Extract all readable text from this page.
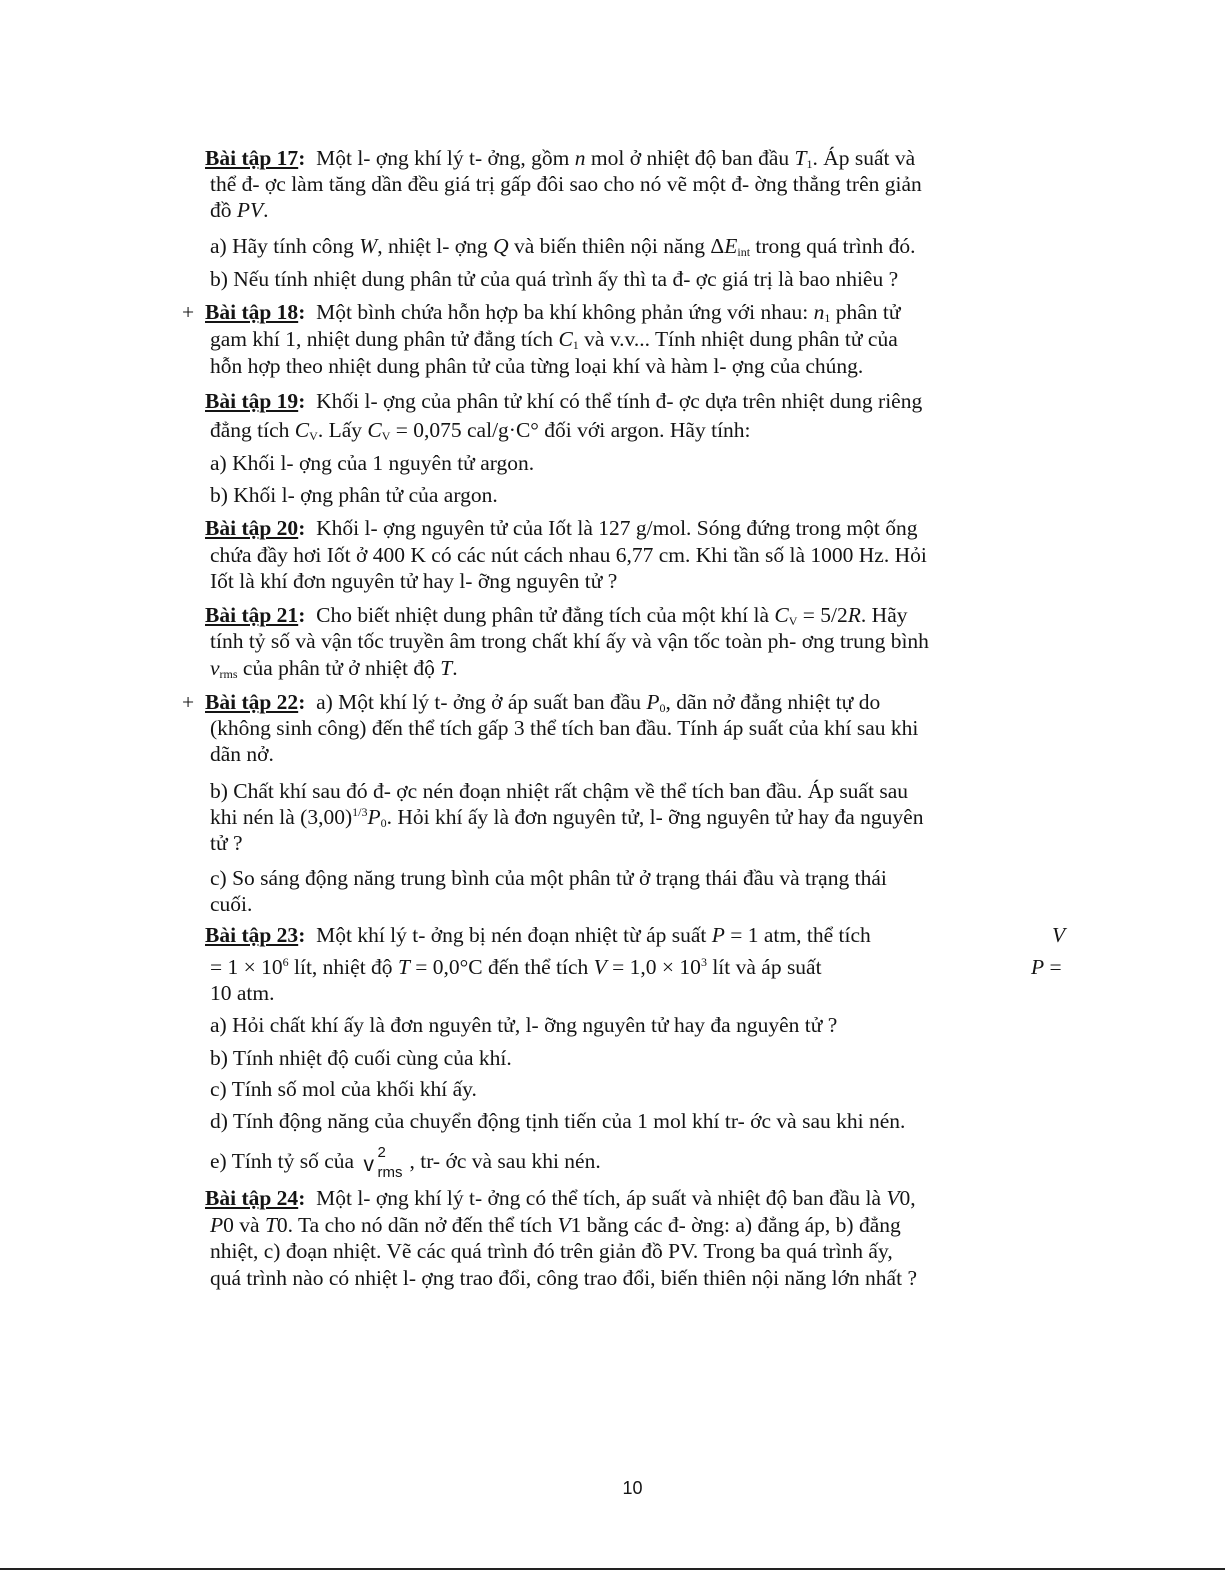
Bài tập 17:  Một l- ợng khí lý t- ởng, gồm n mol ở nhiệt độ ban đầu $T_1$. Áp suất và
thể đ- ợc làm tăng dần đều giá trị gấp đôi sao cho nó vẽ một đ- ờng thẳng trên giản
đồ PV.
a) Hãy tính công W, nhiệt l- ợng Q và biến thiên nội năng $\Delta E_{int}$ trong quá trình đó.
b) Nếu tính nhiệt dung phân tử của quá trình ấy thì ta đ- ợc giá trị là bao nhiêu ?
+ Bài tập 18:  Một bình chứa hỗn hợp ba khí không phản ứng với nhau: $n_1$ phân tử
gam khí 1, nhiệt dung phân tử đẳng tích $C_1$ và v.v... Tính nhiệt dung phân tử của
hỗn hợp theo nhiệt dung phân tử của từng loại khí và hàm l- ợng của chúng.
Bài tập 19: Khối l- ợng của phân tử khí có thể tính đ- ợc dựa trên nhiệt dung riêng
đẳng tích $C_V$. Lấy $C_V = 0,075$ cal/g·C° đối với argon. Hãy tính:
a) Khối l- ợng của 1 nguyên tử argon.
b) Khối l- ợng phân tử của argon.
Bài tập 20: Khối l- ợng nguyên tử của Iốt là 127 g/mol. Sóng đứng trong một ống
chứa đầy hơi Iốt ở 400 K có các nút cách nhau 6,77 cm. Khi tần số là 1000 Hz. Hỏi
Iốt là khí đơn nguyên tử hay l- ỡng nguyên tử ?
Bài tập 21:  Cho biết nhiệt dung phân tử đẳng tích của một khí là $C_V = 5/2R$. Hãy
tính tỷ số và vận tốc truyền âm trong chất khí ấy và vận tốc toàn ph- ơng trung bình
$v_{rms}$ của phân tử ở nhiệt độ T.
+ Bài tập 22:  a) Một khí lý t- ởng ở áp suất ban đầu $P_0$, dãn nở đẳng nhiệt tự do
(không sinh công) đến thể tích gấp 3 thể tích ban đầu. Tính áp suất của khí sau khi
dãn nở.
b) Chất khí sau đó đ- ợc nén đoạn nhiệt rất chậm về thể tích ban đầu. Áp suất sau
khi nén là $(3,00)^{1/3}P_0$. Hỏi khí ấy là đơn nguyên tử, l- ỡng nguyên tử hay đa nguyên
tử ?
c) So sáng động năng trung bình của một phân tử ở trạng thái đầu và trạng thái
cuối.
Bài tập 23:  Một khí lý t- ởng bị nén đoạn nhiệt từ áp suất P = 1 atm, thể tích	V
= $1 \times 10^6$ lít, nhiệt độ T = 0,0°C đến thể tích $V = 1,0 \times 10^3$ lít và áp suất	P =
10 atm.
a) Hỏi chất khí ấy là đơn nguyên tử, l- ỡng nguyên tử hay đa nguyên tử ?
b) Tính nhiệt độ cuối cùng của khí.
c) Tính số mol của khối khí ấy.
d) Tính động năng của chuyển động tịnh tiến của 1 mol khí tr- ớc và sau khi nén.
e) Tính tỷ số của v
2
rms , tr- ớc và sau khi nén.
Bài tập 24:  Một l- ợng khí lý t- ởng có thể tích, áp suất và nhiệt độ ban đầu là V0,
P0 và T0. Ta cho nó dãn nở đến thể tích V1 bằng các đ- ờng: a) đẳng áp, b) đẳng
nhiệt, c) đoạn nhiệt. Vẽ các quá trình đó trên giản đồ PV. Trong ba quá trình ấy,
quá trình nào có nhiệt l- ợng trao đổi, công trao đổi, biến thiên nội năng lớn nhất ?
10
